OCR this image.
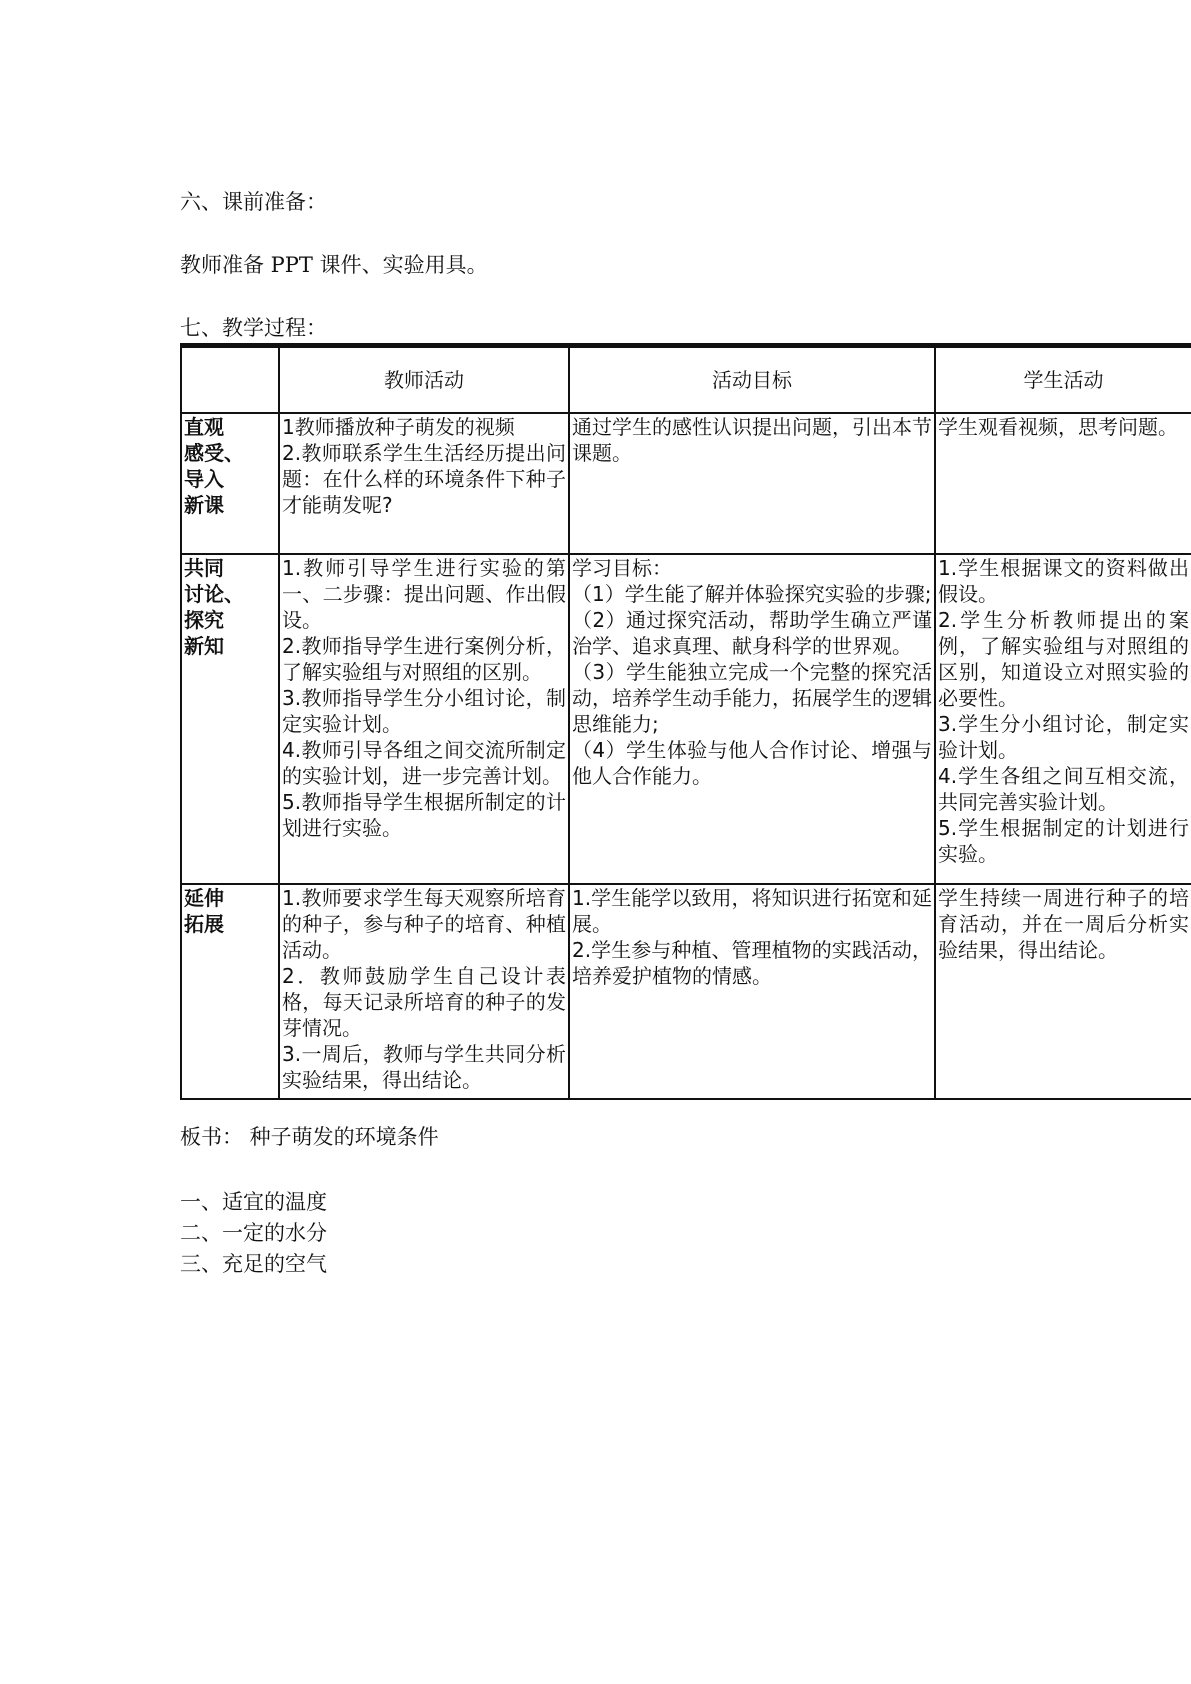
六、课前准备：
教师准备 PPT 课件、实验用具。
七、教学过程：
	教师活动	活动目标	学生活动

直观
感受、
导入
新课	1教师播放种子萌发的视频
2.教师联系学生生活经历提出问题：在什么样的环境条件下种子才能萌发呢?	通过学生的感性认识提出问题，引出本节课题。	学生观看视频，思考问题。

共同
讨论、
探究
新知	1.教师引导学生进行实验的第一、二步骤：提出问题、作出假设。
2.教师指导学生进行案例分析，了解实验组与对照组的区别。
3.教师指导学生分小组讨论，制定实验计划。
4.教师引导各组之间交流所制定的实验计划，进一步完善计划。
5.教师指导学生根据所制定的计划进行实验。	学习目标：
（1）学生能了解并体验探究实验的步骤;
（2）通过探究活动，帮助学生确立严谨治学、追求真理、献身科学的世界观。
（3）学生能独立完成一个完整的探究活动，培养学生动手能力，拓展学生的逻辑思维能力;
（4）学生体验与他人合作讨论、增强与他人合作能力。	1.学生根据课文的资料做出假设。
2.学生分析教师提出的案例，了解实验组与对照组的区别，知道设立对照实验的必要性。
3.学生分小组讨论，制定实验计划。
4.学生各组之间互相交流，共同完善实验计划。
5.学生根据制定的计划进行实验。

延伸
拓展	1.教师要求学生每天观察所培育的种子，参与种子的培育、种植活动。
2．教师鼓励学生自己设计表格，每天记录所培育的种子的发芽情况。
3.一周后，教师与学生共同分析实验结果，得出结论。	1.学生能学以致用，将知识进行拓宽和延展。
2.学生参与种植、管理植物的实践活动，培养爱护植物的情感。	学生持续一周进行种子的培育活动，并在一周后分析实验结果，得出结论。
板书： 种子萌发的环境条件
一、适宜的温度
二、一定的水分
三、充足的空气
